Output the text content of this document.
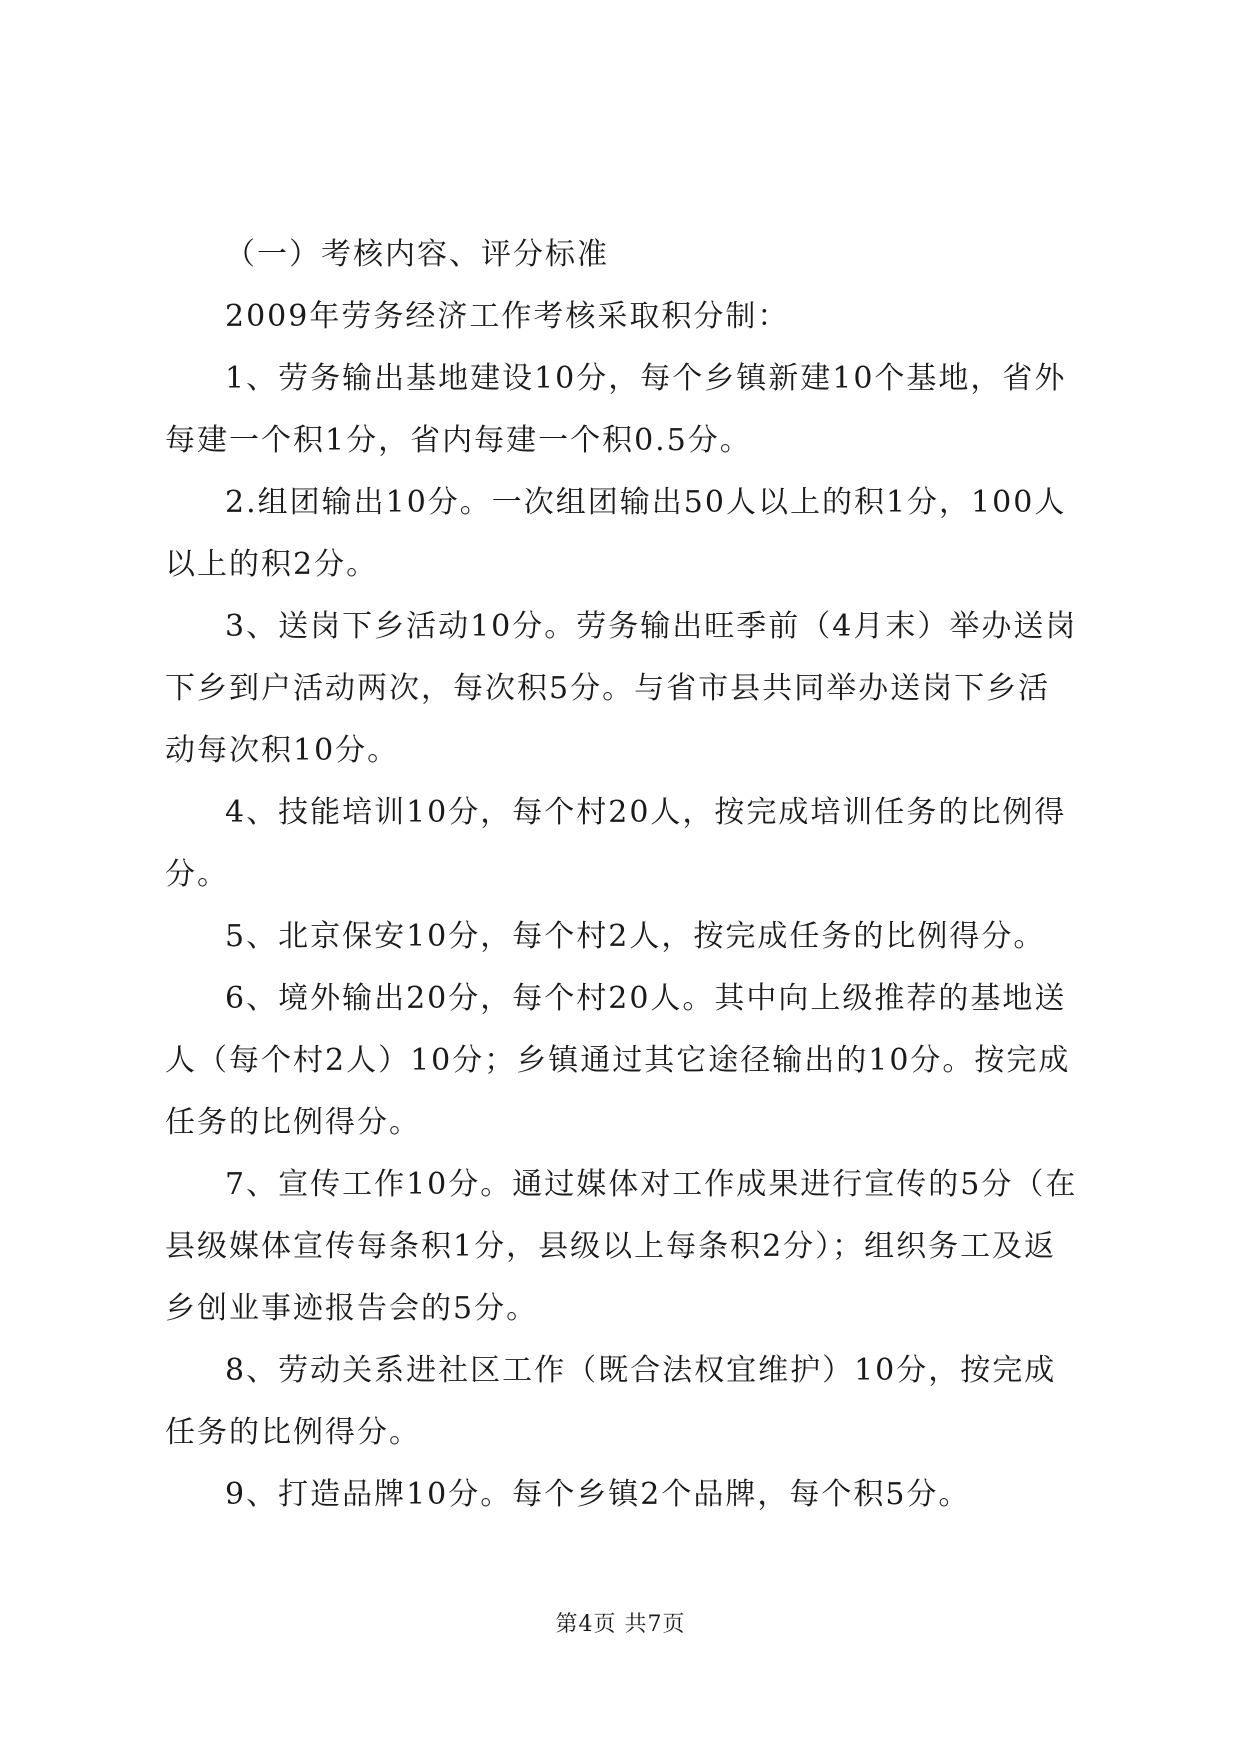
（一）考核内容、评分标准

2009年劳务经济工作考核采取积分制：

1、劳务输出基地建设10分，每个乡镇新建10个基地，省外每建一个积1分，省内每建一个积0.5分。

2.组团输出10分。一次组团输出50人以上的积1分，100人以上的积2分。

3、送岗下乡活动10分。劳务输出旺季前（4月末）举办送岗下乡到户活动两次，每次积5分。与省市县共同举办送岗下乡活动每次积10分。

4、技能培训10分，每个村20人，按完成培训任务的比例得分。

5、北京保安10分，每个村2人，按完成任务的比例得分。

6、境外输出20分，每个村20人。其中向上级推荐的基地送人（每个村2人）10分；乡镇通过其它途径输出的10分。按完成任务的比例得分。

7、宣传工作10分。通过媒体对工作成果进行宣传的5分（在县级媒体宣传每条积1分，县级以上每条积2分）；组织务工及返乡创业事迹报告会的5分。

8、劳动关系进社区工作（既合法权宜维护）10分，按完成任务的比例得分。

9、打造品牌10分。每个乡镇2个品牌，每个积5分。

第4页 共7页
